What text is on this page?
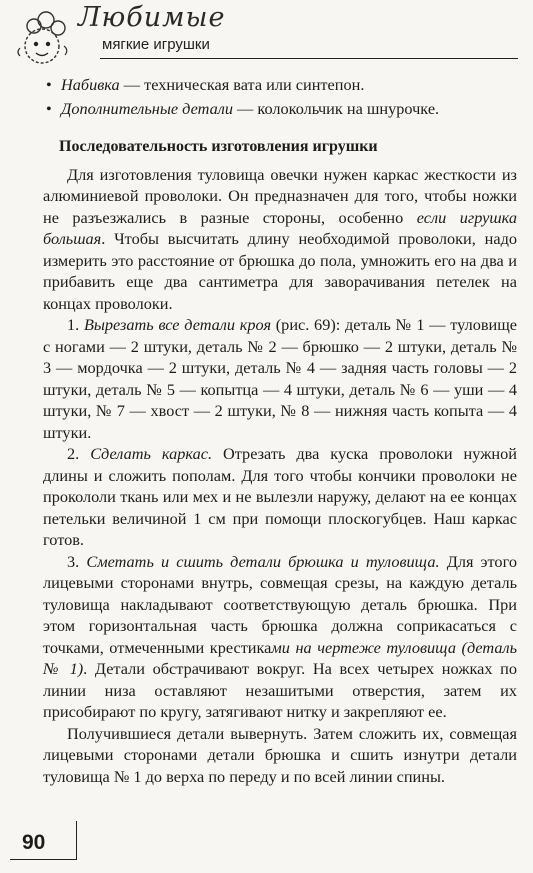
Любимые
мягкие игрушки
• Набивка — техническая вата или синтепон.
• Дополнительные детали — колокольчик на шнурочке.
Последовательность изготовления игрушки

Для изготовления туловища овечки нужен каркас жесткости из алюминиевой проволоки. Он предназначен для того, чтобы ножки не разъезжались в разные стороны, особенно если игрушка большая. Чтобы высчитать длину необходимой проволоки, надо измерить это расстояние от брюшка до пола, умножить его на два и прибавить еще два сантиметра для заворачивания петелек на концах проволоки.

1. Вырезать все детали кроя (рис. 69): деталь № 1 — туловище с ногами — 2 штуки, деталь № 2 — брюшко — 2 штуки, деталь № 3 — мордочка — 2 штуки, деталь № 4 — задняя часть головы — 2 штуки, деталь № 5 — копытца — 4 штуки, деталь № 6 — уши — 4 штуки, № 7 — хвост — 2 штуки, № 8 — нижняя часть копыта — 4 штуки.

2. Сделать каркас. Отрезать два куска проволоки нужной длины и сложить пополам. Для того чтобы кончики проволоки не прокололи ткань или мех и не вылезли наружу, делают на ее концах петельки величиной 1 см при помощи плоскогубцев. Наш каркас готов.

3. Сметать и сшить детали брюшка и туловища. Для этого лицевыми сторонами внутрь, совмещая срезы, на каждую деталь туловища накладывают соответствующую деталь брюшка. При этом горизонтальная часть брюшка должна соприкасаться с точками, отмеченными крестиками на чертеже туловища (деталь № 1). Детали обстрачивают вокруг. На всех четырех ножках по линии низа оставляют незашитыми отверстия, затем их присобирают по кругу, затягивают нитку и закрепляют ее.

Получившиеся детали вывернуть. Затем сложить их, совмещая лицевыми сторонами детали брюшка и сшить изнутри детали туловища № 1 до верха по переду и по всей линии спины.

90
